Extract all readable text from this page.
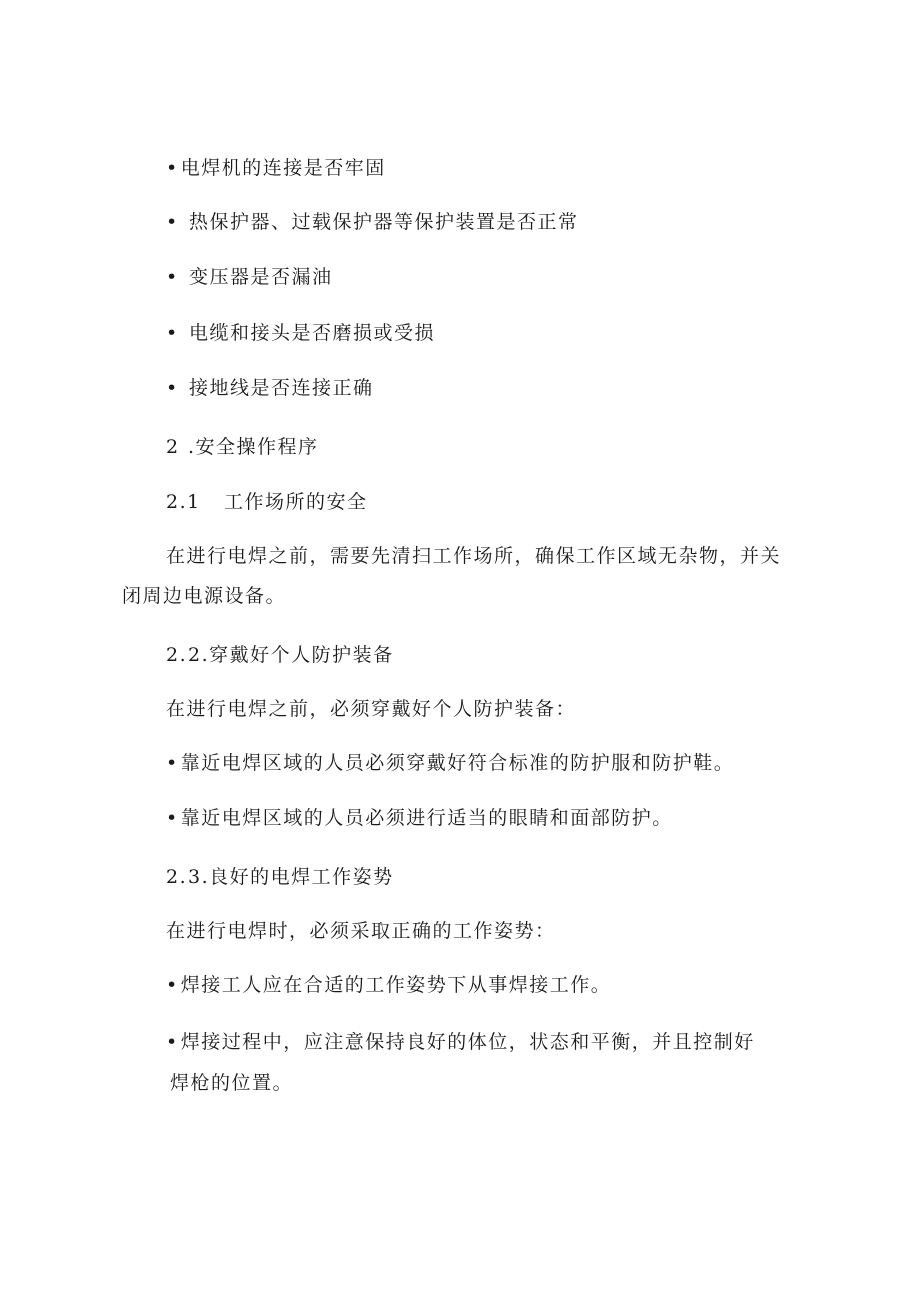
• 电焊机的连接是否牢固
• 热保护器、过载保护器等保护装置是否正常
• 变压器是否漏油
• 电缆和接头是否磨损或受损
• 接地线是否连接正确
2 .安全操作程序
2.1 工作场所的安全
在进行电焊之前，需要先清扫工作场所，确保工作区域无杂物，并关
闭周边电源设备。
2.2.穿戴好个人防护装备
在进行电焊之前，必须穿戴好个人防护装备：
• 靠近电焊区域的人员必须穿戴好符合标准的防护服和防护鞋。
• 靠近电焊区域的人员必须进行适当的眼睛和面部防护。
2.3.良好的电焊工作姿势
在进行电焊时，必须采取正确的工作姿势：
• 焊接工人应在合适的工作姿势下从事焊接工作。
• 焊接过程中，应注意保持良好的体位，状态和平衡，并且控制好
焊枪的位置。
